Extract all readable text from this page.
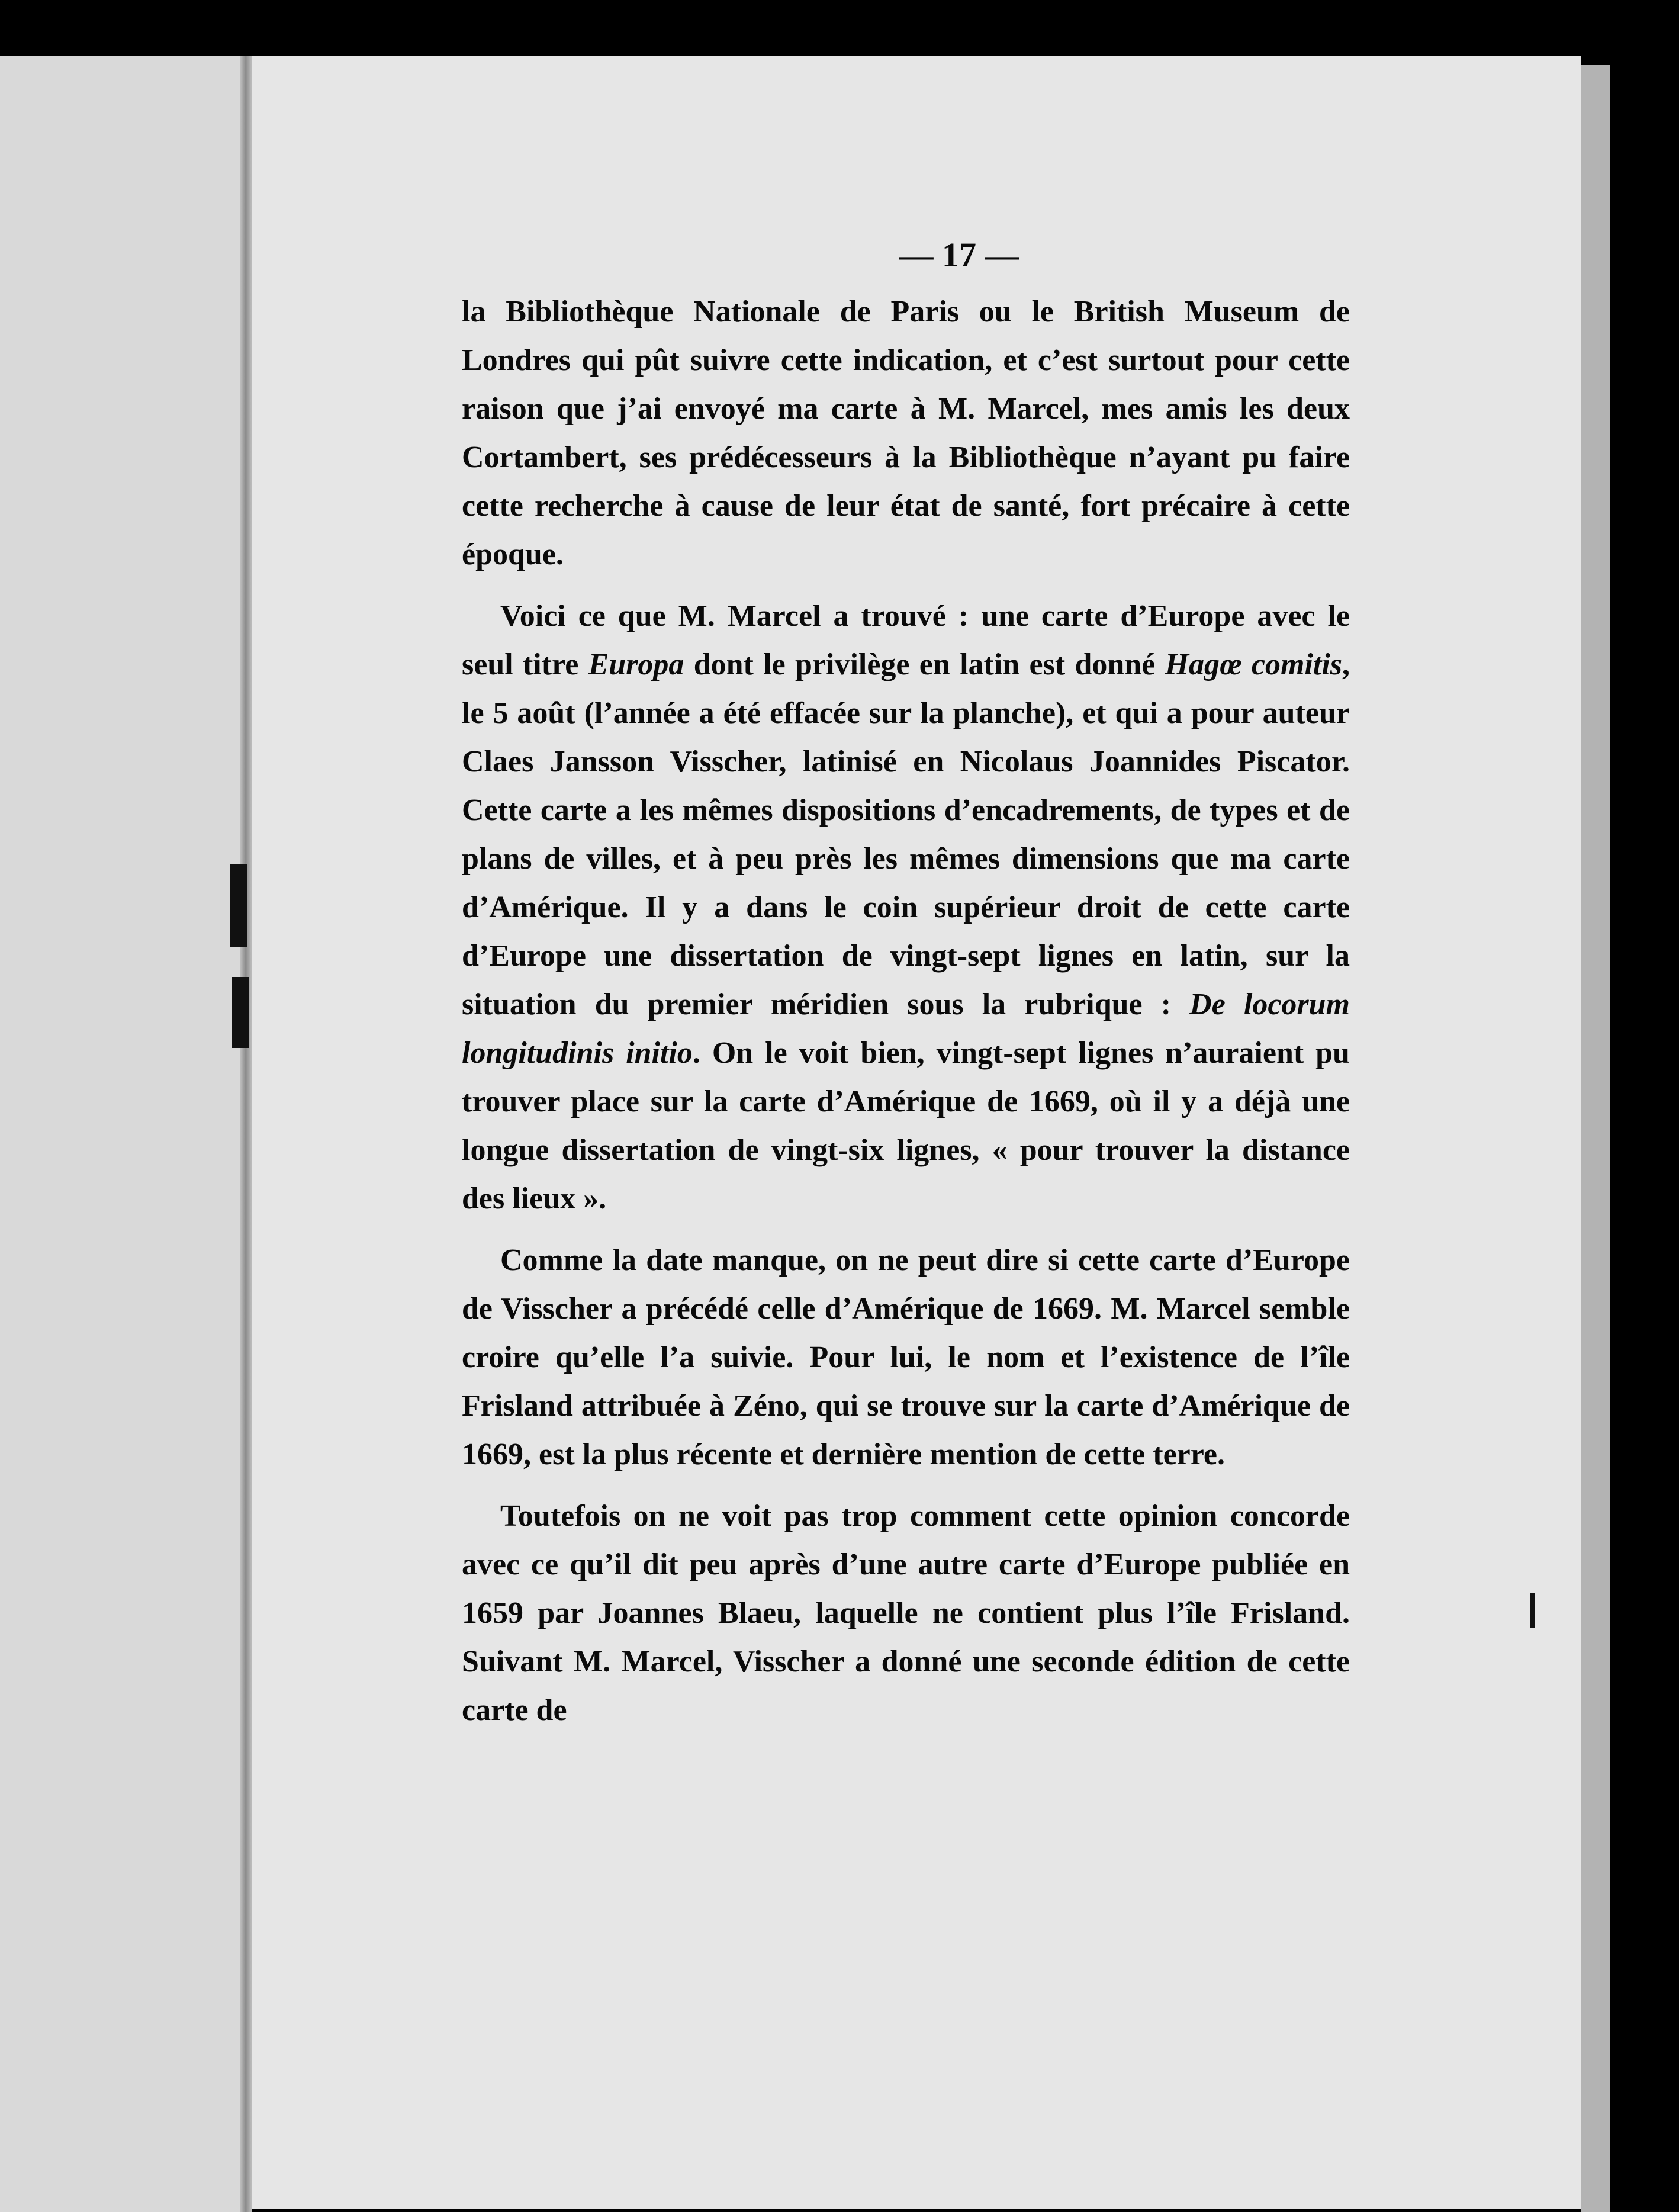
— 17 —

la Bibliothèque Nationale de Paris ou le British Museum de Londres qui pût suivre cette indication, et c’est surtout pour cette raison que j’ai envoyé ma carte à M. Marcel, mes amis les deux Cortambert, ses prédécesseurs à la Bibliothèque n’ayant pu faire cette recherche à cause de leur état de santé, fort précaire à cette époque.

Voici ce que M. Marcel a trouvé : une carte d’Europe avec le seul titre Europa dont le privilège en latin est donné Hagœ comitis, le 5 août (l’année a été effacée sur la planche), et qui a pour auteur Claes Jansson Visscher, latinisé en Nicolaus Joannides Piscator. Cette carte a les mêmes dispositions d’encadrements, de types et de plans de villes, et à peu près les mêmes dimensions que ma carte d’Amérique. Il y a dans le coin supérieur droit de cette carte d’Europe une dissertation de vingt-sept lignes en latin, sur la situation du premier méridien sous la rubrique : De locorum longitudinis initio. On le voit bien, vingt-sept lignes n’auraient pu trouver place sur la carte d’Amérique de 1669, où il y a déjà une longue dissertation de vingt-six lignes, « pour trouver la distance des lieux ».

Comme la date manque, on ne peut dire si cette carte d’Europe de Visscher a précédé celle d’Amérique de 1669. M. Marcel semble croire qu’elle l’a suivie. Pour lui, le nom et l’existence de l’île Frisland attribuée à Zéno, qui se trouve sur la carte d’Amérique de 1669, est la plus récente et dernière mention de cette terre.

Toutefois on ne voit pas trop comment cette opinion concorde avec ce qu’il dit peu après d’une autre carte d’Europe publiée en 1659 par Joannes Blaeu, laquelle ne contient plus l’île Frisland. Suivant M. Marcel, Visscher a donné une seconde édition de cette carte de
